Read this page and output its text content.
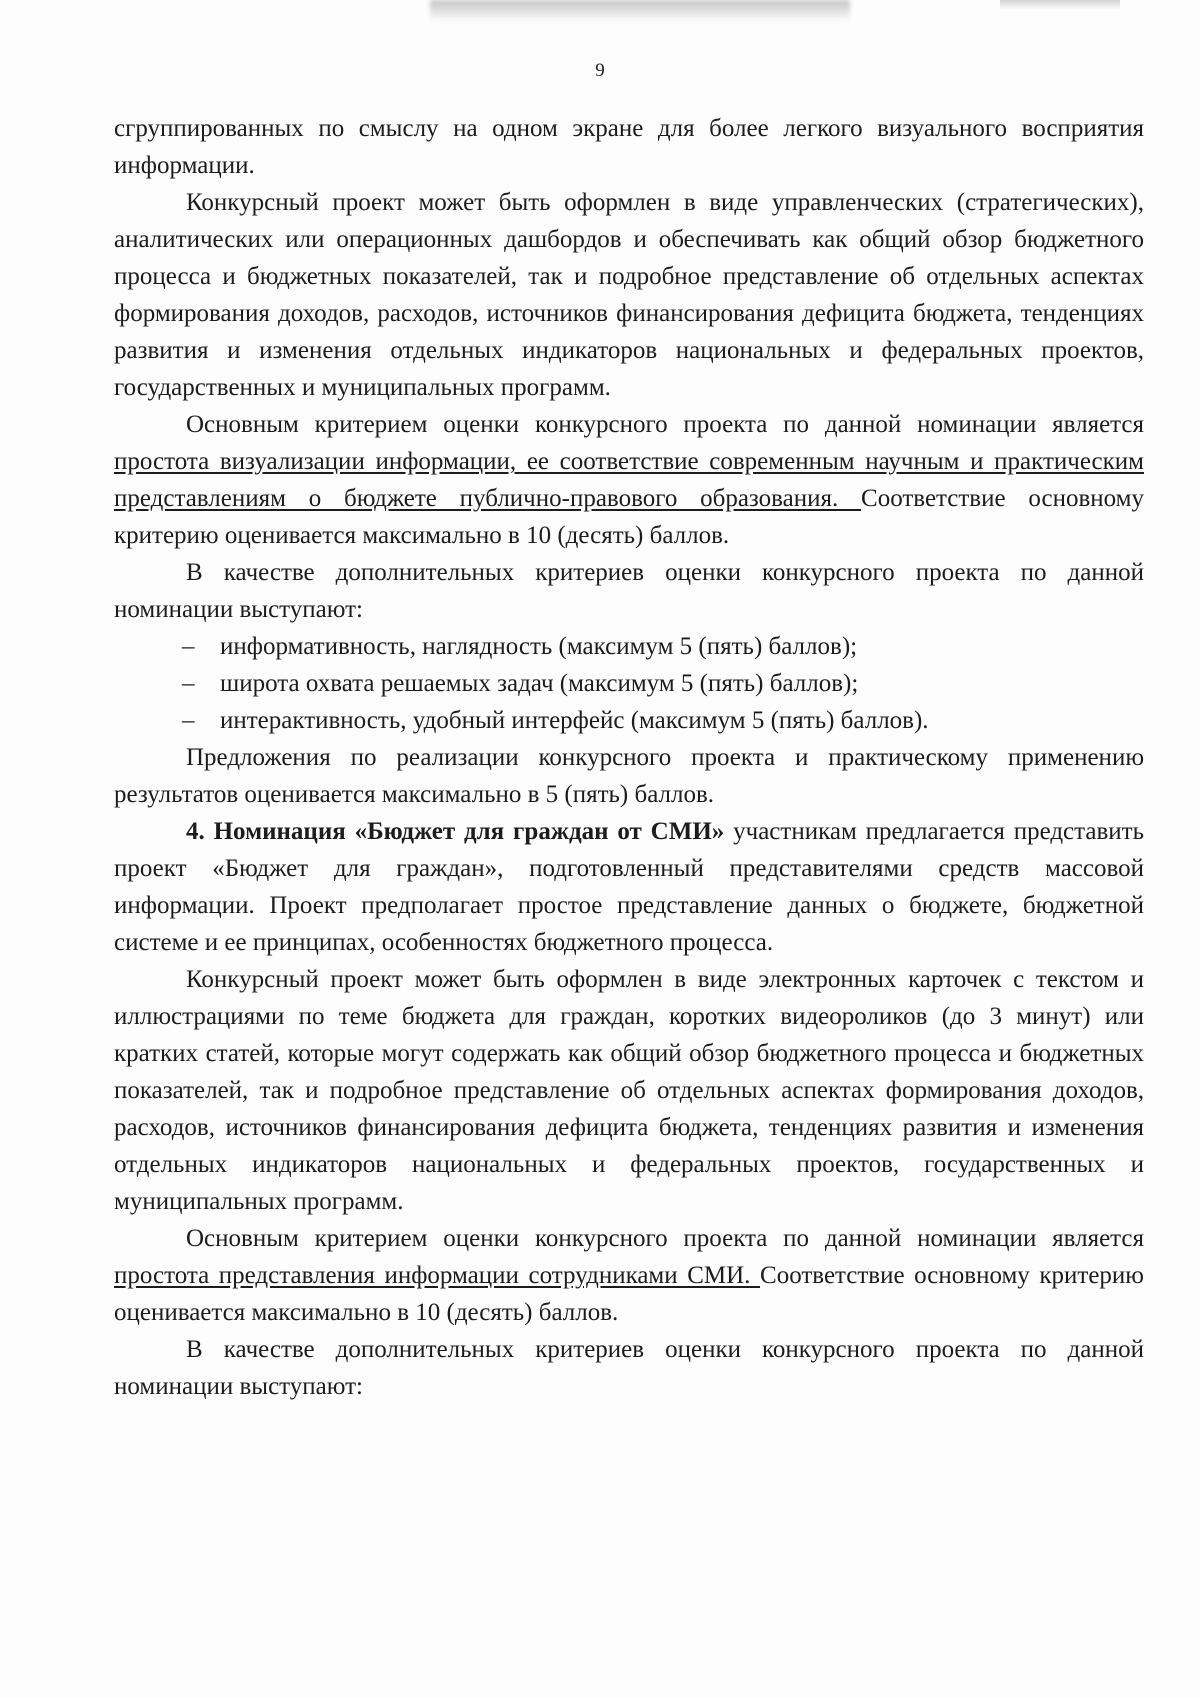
9

сгруппированных по смыслу на одном экране для более легкого визуального восприятия информации.

Конкурсный проект может быть оформлен в виде управленческих (стратегических), аналитических или операционных дашбордов и обеспечивать как общий обзор бюджетного процесса и бюджетных показателей, так и подробное представление об отдельных аспектах формирования доходов, расходов, источников финансирования дефицита бюджета, тенденциях развития и изменения отдельных индикаторов национальных и федеральных проектов, государственных и муниципальных программ.

Основным критерием оценки конкурсного проекта по данной номинации является простота визуализации информации, ее соответствие современным научным и практическим представлениям о бюджете публично-правового образования. Соответствие основному критерию оценивается максимально в 10 (десять) баллов.

В качестве дополнительных критериев оценки конкурсного проекта по данной номинации выступают:

–	информативность, наглядность (максимум 5 (пять) баллов);
–	широта охвата решаемых задач (максимум 5 (пять) баллов);
–	интерактивность, удобный интерфейс (максимум 5 (пять) баллов).

Предложения по реализации конкурсного проекта и практическому применению результатов оценивается максимально в 5 (пять) баллов.

4. Номинация «Бюджет для граждан от СМИ» участникам предлагается представить проект «Бюджет для граждан», подготовленный представителями средств массовой информации. Проект предполагает простое представление данных о бюджете, бюджетной системе и ее принципах, особенностях бюджетного процесса.

Конкурсный проект может быть оформлен в виде электронных карточек с текстом и иллюстрациями по теме бюджета для граждан, коротких видеороликов (до 3 минут) или кратких статей, которые могут содержать как общий обзор бюджетного процесса и бюджетных показателей, так и подробное представление об отдельных аспектах формирования доходов, расходов, источников финансирования дефицита бюджета, тенденциях развития и изменения отдельных индикаторов национальных и федеральных проектов, государственных и муниципальных программ.

Основным критерием оценки конкурсного проекта по данной номинации является простота представления информации сотрудниками СМИ. Соответствие основному критерию оценивается максимально в 10 (десять) баллов.

В качестве дополнительных критериев оценки конкурсного проекта по данной номинации выступают:
